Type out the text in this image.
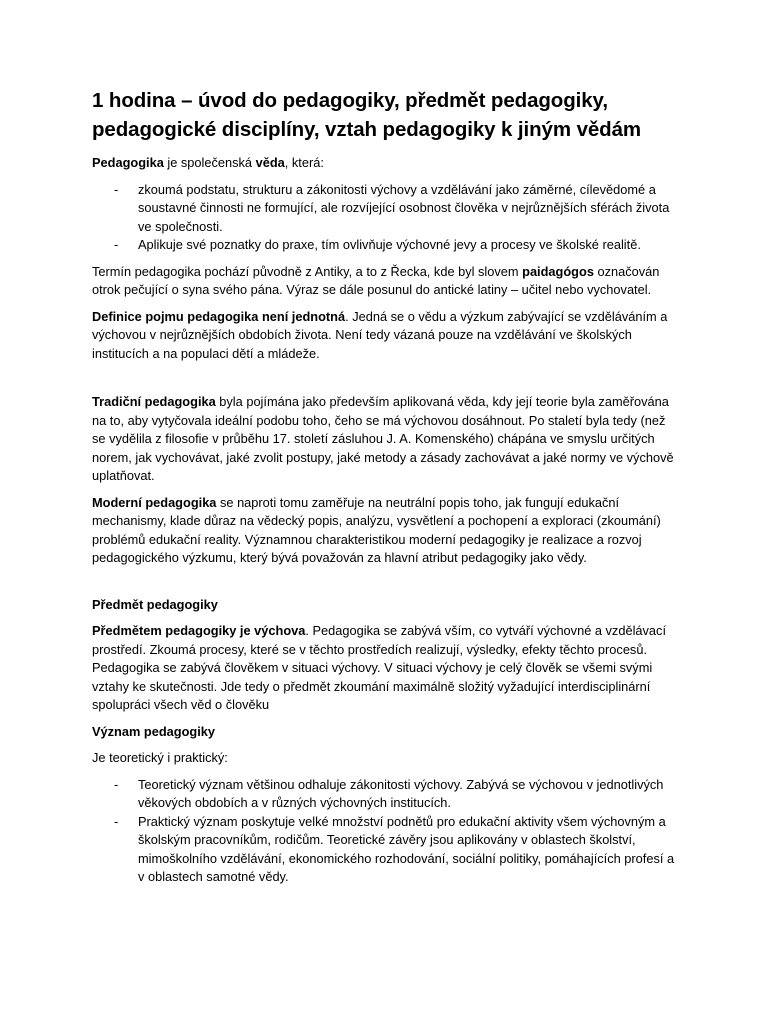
1 hodina – úvod do pedagogiky, předmět pedagogiky, pedagogické disciplíny, vztah pedagogiky k jiným vědám

Pedagogika je společenská věda, která:

- zkoumá podstatu, strukturu a zákonitosti výchovy a vzdělávání jako záměrné, cílevědomé a soustavné činnosti ne formující, ale rozvíjející osobnost člověka v nejrůznějších sférách života ve společnosti.
- Aplikuje své poznatky do praxe, tím ovlivňuje výchovné jevy a procesy ve školské realitě.

Termín pedagogika pochází původně z Antiky, a to z Řecka, kde byl slovem paidagógos označován otrok pečující o syna svého pána. Výraz se dále posunul do antické latiny – učitel nebo vychovatel.

Definice pojmu pedagogika není jednotná. Jedná se o vědu a výzkum zabývající se vzděláváním a výchovou v nejrůznějších obdobích života. Není tedy vázaná pouze na vzdělávání ve školských institucích a na populaci dětí a mládeže.

Tradiční pedagogika byla pojímána jako především aplikovaná věda, kdy její teorie byla zaměřována na to, aby vytyčovala ideální podobu toho, čeho se má výchovou dosáhnout. Po staletí byla tedy (než se vydělila z filosofie v průběhu 17. století zásluhou J. A. Komenského) chápána ve smyslu určitých norem, jak vychovávat, jaké zvolit postupy, jaké metody a zásady zachovávat a jaké normy ve výchově uplatňovat.

Moderní pedagogika se naproti tomu zaměřuje na neutrální popis toho, jak fungují edukační mechanismy, klade důraz na vědecký popis, analýzu, vysvětlení a pochopení a exploraci (zkoumání) problémů edukační reality. Významnou charakteristikou moderní pedagogiky je realizace a rozvoj pedagogického výzkumu, který bývá považován za hlavní atribut pedagogiky jako vědy.

Předmět pedagogiky

Předmětem pedagogiky je výchova. Pedagogika se zabývá vším, co vytváří výchovné a vzdělávací prostředí. Zkoumá procesy, které se v těchto prostředích realizují, výsledky, efekty těchto procesů. Pedagogika se zabývá člověkem v situaci výchovy. V situaci výchovy je celý člověk se všemi svými vztahy ke skutečnosti. Jde tedy o předmět zkoumání maximálně složitý vyžadující interdisciplinární spolupráci všech věd o člověku

Význam pedagogiky

Je teoretický i praktický:

- Teoretický význam většinou odhaluje zákonitosti výchovy. Zabývá se výchovou v jednotlivých věkových obdobích a v různých výchovných institucích.
- Praktický význam poskytuje velké množství podnětů pro edukační aktivity všem výchovným a školským pracovníkům, rodičům. Teoretické závěry jsou aplikovány v oblastech školství, mimoškolního vzdělávání, ekonomického rozhodování, sociální politiky, pomáhajících profesí a v oblastech samotné vědy.
